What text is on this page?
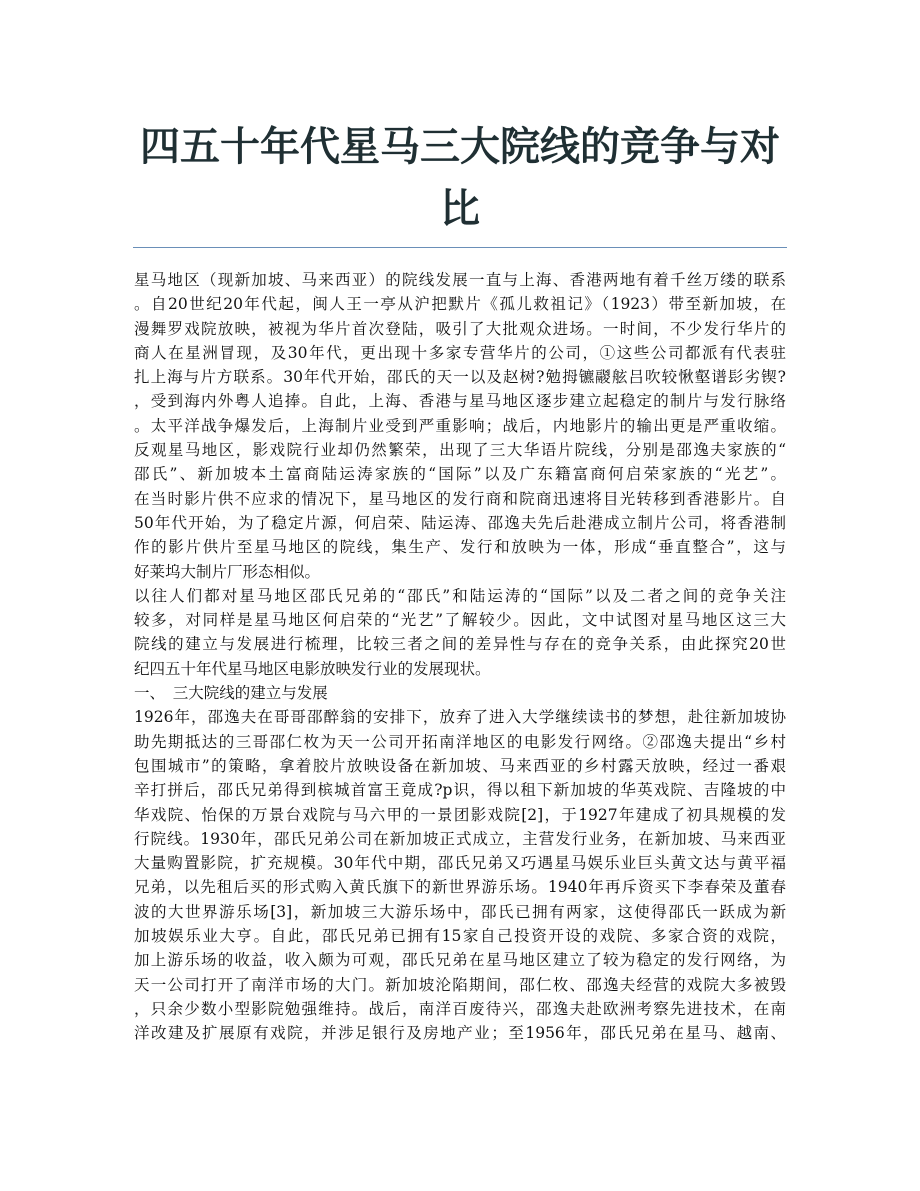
四五十年代星马三大院线的竞争与对
比
星马地区（现新加坡、马来西亚）的院线发展一直与上海、香港两地有着千丝万缕的联系
。自20世纪20年代起，闽人王一亭从沪把默片《孤儿救祖记》（1923）带至新加坡，在
漫舞罗戏院放映，被视为华片首次登陆，吸引了大批观众进场。一时间，不少发行华片的
商人在星洲冒现，及30年代，更出现十多家专营华片的公司，①这些公司都派有代表驻
扎上海与片方联系。30年代开始，邵氏的天一以及赵树?勉拇镳鬷舷吕吹较愀壑谱髟劣锲?
，受到海内外粤人追捧。自此，上海、香港与星马地区逐步建立起稳定的制片与发行脉络
。太平洋战争爆发后，上海制片业受到严重影响；战后，内地影片的输出更是严重收缩。
反观星马地区，影戏院行业却仍然繁荣，出现了三大华语片院线，分别是邵逸夫家族的“
邵氏”、新加坡本土富商陆运涛家族的“国际”以及广东籍富商何启荣家族的“光艺”。
在当时影片供不应求的情况下，星马地区的发行商和院商迅速将目光转移到香港影片。自
50年代开始，为了稳定片源，何启荣、陆运涛、邵逸夫先后赴港成立制片公司，将香港制
作的影片供片至星马地区的院线，集生产、发行和放映为一体，形成“垂直整合”，这与
好莱坞大制片厂形态相似。
以往人们都对星马地区邵氏兄弟的“邵氏”和陆运涛的“国际”以及二者之间的竞争关注
较多，对同样是星马地区何启荣的“光艺”了解较少。因此，文中试图对星马地区这三大
院线的建立与发展进行梳理，比较三者之间的差异性与存在的竞争关系，由此探究20世
纪四五十年代星马地区电影放映发行业的发展现状。
一、　三大院线的建立与发展
1926年，邵逸夫在哥哥邵醉翁的安排下，放弃了进入大学继续读书的梦想，赴往新加坡协
助先期抵达的三哥邵仁枚为天一公司开拓南洋地区的电影发行网络。②邵逸夫提出“乡村
包围城市”的策略，拿着胶片放映设备在新加坡、马来西亚的乡村露天放映，经过一番艰
辛打拼后，邵氏兄弟得到槟城首富王竟成?p识，得以租下新加坡的华英戏院、吉隆坡的中
华戏院、怡保的万景台戏院与马六甲的一景团影戏院[2]，于1927年建成了初具规模的发
行院线。1930年，邵氏兄弟公司在新加坡正式成立，主营发行业务，在新加坡、马来西亚
大量购置影院，扩充规模。30年代中期，邵氏兄弟又巧遇星马娱乐业巨头黄文达与黄平福
兄弟，以先租后买的形式购入黄氏旗下的新世界游乐场。1940年再斥资买下李春荣及董春
波的大世界游乐场[3]，新加坡三大游乐场中，邵氏已拥有两家，这使得邵氏一跃成为新
加坡娱乐业大亨。自此，邵氏兄弟已拥有15家自己投资开设的戏院、多家合资的戏院，
加上游乐场的收益，收入颇为可观，邵氏兄弟在星马地区建立了较为稳定的发行网络，为
天一公司打开了南洋市场的大门。新加坡沦陷期间，邵仁枚、邵逸夫经营的戏院大多被毁
，只余少数小型影院勉强维持。战后，南洋百废待兴，邵逸夫赴欧洲考察先进技术，在南
洋改建及扩展原有戏院，并涉足银行及房地产业；至1956年，邵氏兄弟在星马、越南、
